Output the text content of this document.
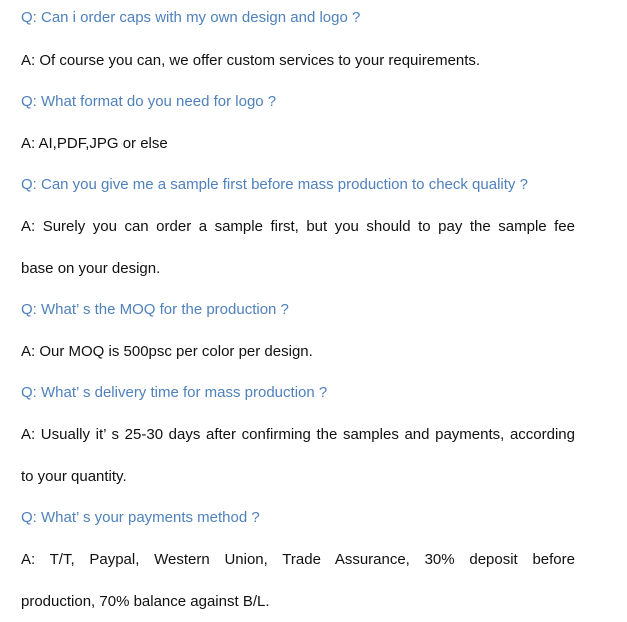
Q: Can i order caps with my own design and logo ?
A: Of course you can, we offer custom services to your requirements.
Q: What format do you need for logo ?
A: AI,PDF,JPG or else
Q: Can you give me a sample first before mass production to check quality ?
A: Surely you can order a sample first, but you should to pay the sample fee
base on your design.
Q: What’ s the MOQ for the production ?
A: Our MOQ is 500psc per color per design.
Q: What’ s delivery time for mass production ?
A: Usually it’ s 25-30 days after confirming the samples and payments, according
to your quantity.
Q: What’ s your payments method ?
A: T/T, Paypal, Western Union, Trade Assurance, 30% deposit before
production, 70% balance against B/L.
